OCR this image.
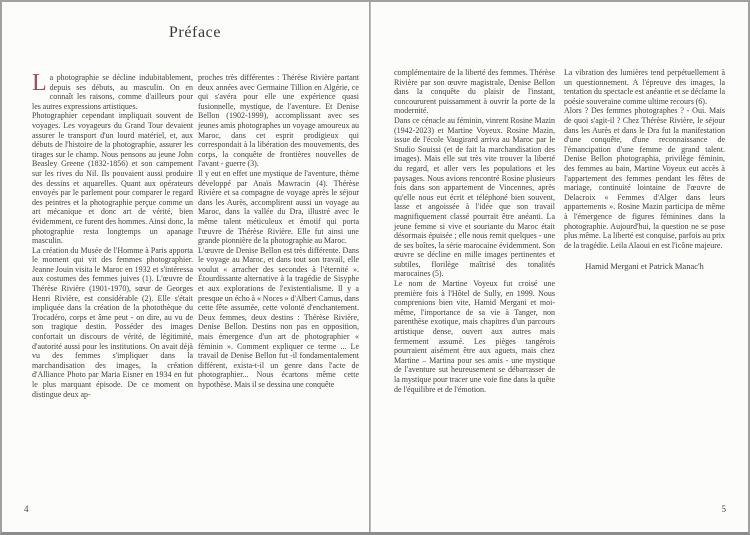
Préface

La photographie se décline indubitablement, depuis ses débuts, au masculin. On en connaît les raisons, comme d'ailleurs pour les autres expressions artistiques.

Photographier cependant impliquait souvent de voyages. Les voyageurs du Grand Tour devaient assurer le transport d'un lourd matériel, et, aux débuts de l'histoire de la photographie, assurer les tirages sur le champ. Nous pensons au jeune John Beasley Greene (1832-1856) et son campement sur les rives du Nil. Ils pouvaient aussi produire des dessins et aquarelles. Quant aux opérateurs envoyés par le parlement pour comparer le regard des peintres et la photographie perçue comme un art mécanique et donc art de vérité, bien évidemment, ce furent des hommes. Ainsi donc, la photographie resta longtemps un apanage masculin.

La création du Musée de l'Homme à Paris apporta le moment qui vit des femmes photographier. Jeanne Jouin visita le Maroc en 1932 et s'intéressa aux costumes des femmes juives (1). L'œuvre de Thérèse Rivière (1901-1970), sœur de Georges Henri Rivière, est considérable (2). Elle s'était impliquée dans la création de la photothèque du Trocadéro, corps et âme peut - on dire, au vu de son tragique destin. Posséder des images confortait un discours de vérité, de légitimité, d'autorité aussi pour les institutions. On avait déjà vu des femmes s'impliquer dans la marchandisation des images, la création d'Alliance Photo par Maria Eisner en 1934 en fut le plus marquant épisode. De ce moment on distingue deux ap-

proches très différentes : Thérèse Rivière partant deux années avec Germaine Tillion en Algérie, ce qui s'avéra pour elle une expérience quasi fusionnelle, mystique, de l'aventure. Et Denise Bellon (1902-1999), accomplissant avec ses jeunes amis photographes un voyage amoureux au Maroc, dans cet esprit prodigieux qui correspondait à la libération des mouvements, des corps, la conquête de frontières nouvelles de l'avant - guerre (3).

Il y eut en effet une mystique de l'aventure, thème développé par Anaïs Mawracin (4). Thérèse Rivière et sa compagne de voyage après le séjour dans les Aurès, accomplirent aussi un voyage au Maroc, dans la vallée du Dra, illustré avec le même talent méticuleux et émotif qui porta l'œuvre de Thérèse Rivière. Elle fut ainsi une grande pionnière de la photographie au Maroc.

L'œuvre de Denise Bellon est très différente. Dans le voyage au Maroc, et dans tout son travail, elle voulut « arracher des secondes à l'éternité ». Étourdissante alternative à la tragédie de Sisyphe et aux explorations de l'existentialisme. Il y a presque un écho à « Noces » d'Albert Camus, dans cette fête assumée, cette volonté d'enchantement. Deux femmes, deux destins : Thérèse Rivière, Denise Bellon. Destins non pas en opposition, mais émergence d'un art de photographier « féminin ». Comment expliquer ce terme ... Le travail de Denise Bellon fut -il fondamentalement différent, exista-t-il un genre dans l'acte de photographier... Nous écartons même cette hypothèse. Mais il se dessina une conquête

4

complémentaire de la liberté des femmes. Thérèse Rivière par son œuvre magistrale, Denise Bellon dans la conquête du plaisir de l'instant, concoururent puissamment à ouvrir la porte de la modernité.

Dans ce cénacle au féminin, vinrent Rosine Mazin (1942-2023) et Martine Voyeux. Rosine Mazin, issue de l'école Vaugirard arriva au Maroc par le Studio Souissi (et de fait la marchandisation des images). Mais elle sut très vite trouver la liberté du regard, et aller vers les populations et les paysages. Nous avions rencontré Rosine plusieurs fois dans son appartement de Vincennes, après qu'elle nous eut écrit et téléphoné bien souvent, lasse et angoissée à l'idée que son travail magnifiquement classé pourrait être anéanti. La jeune femme si vive et souriante du Maroc était désormais épuisée ; elle nous remit quelques - une de ses boîtes, la série marocaine évidemment. Son œuvre se décline en mille images pertinentes et subtiles, florilège maîtrisé des tonalités marocaines (5).

Le nom de Martine Voyeux fut croisé une première fois à l'Hôtel de Sully, en 1999. Nous comprenions bien vite, Hamid Mergani et moi-même, l'importance de sa vie à Tanger, non parenthèse exotique, mais chapitres d'un parcours artistique dense, ouvert aux autres mais fermement assumé. Les pièges tangérois pourraient aisément être aux aguets, mais chez Martine – Martina pour ses amis - une mystique de l'aventure sut heureusement se débarrasser de la mystique pour tracer une voie fine dans la quête de l'équilibre et de l'émotion.

La vibration des lumières tend perpétuellement à un questionnement. A l'épreuve des images, la tentation du spectacle est anéantie et se déclame la poésie souveraine comme ultime recours (6).

Alors ? Des femmes photographes ? - Oui. Mais de quoi s'agit-il ? Chez Thérèse Rivière, le séjour dans les Aurès et dans le Dra fut la manifestation d'une conquête, d'une reconnaissance de l'émancipation d'une femme de grand talent. Denise Bellon photographia, privilège féminin, des femmes au bain, Martine Voyeux eut accès à l'appartement des femmes pendant les fêtes de mariage, continuité lointaine de l'œuvre de Delacroix « Femmes d'Alger dans leurs appartements ». Rosine Mazin participa de même à l'émergence de figures féminines dans la photographie. Aujourd'hui, la question ne se pose plus même. La liberté est conquise, parfois au prix de la tragédie. Leila Alaoui en est l'icône majeure.

Hamid Mergani et Patrick Manac'h

5
